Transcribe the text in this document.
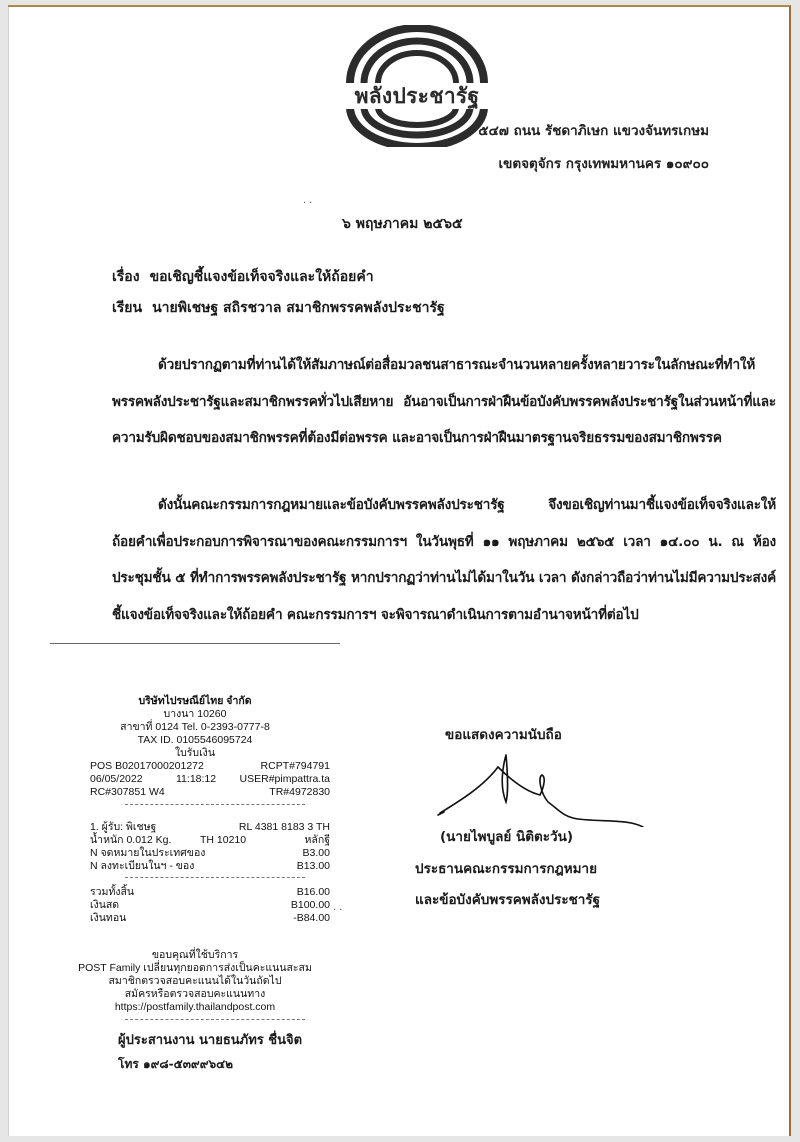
พลังประชารัฐ
๕๔๗ ถนน รัชดาภิเษก แขวงจันทรเกษม
เขตจตุจักร กรุงเทพมหานคร ๑๐๙๐๐
..
๖ พฤษภาคม ๒๕๖๕
เรื่อง ขอเชิญชี้แจงข้อเท็จจริงและให้ถ้อยคำ
เรียน นายพิเชษฐ สถิรชวาล สมาชิกพรรคพลังประชารัฐ
ด้วยปรากฏตามที่ท่านได้ให้สัมภาษณ์ต่อสื่อมวลชนสาธารณะจำนวนหลายครั้งหลายวาระในลักษณะที่ทำให้พรรคพลังประชารัฐและสมาชิกพรรคทั่วไปเสียหาย อันอาจเป็นการฝ่าฝืนข้อบังคับพรรคพลังประชารัฐในส่วนหน้าที่และความรับผิดชอบของสมาชิกพรรคที่ต้องมีต่อพรรค และอาจเป็นการฝ่าฝืนมาตรฐานจริยธรรมของสมาชิกพรรค
ดังนั้นคณะกรรมการกฎหมายและข้อบังคับพรรคพลังประชารัฐ จึงขอเชิญท่านมาชี้แจงข้อเท็จจริงและให้ถ้อยคำเพื่อประกอบการพิจารณาของคณะกรรมการฯ ในวันพุธที่ ๑๑ พฤษภาคม ๒๕๖๕ เวลา ๑๔.๐๐ น. ณ ห้องประชุมชั้น ๕ ที่ทำการพรรคพลังประชารัฐ หากปรากฏว่าท่านไม่ได้มาในวัน เวลา ดังกล่าวถือว่าท่านไม่มีความประสงค์ชี้แจงข้อเท็จจริงและให้ถ้อยคำ คณะกรรมการฯ จะพิจารณาดำเนินการตามอำนาจหน้าที่ต่อไป
บริษัทไปรษณีย์ไทย จำกัด
บางนา 10260
สาขาที่ 0124 Tel. 0-2393-0777-8
TAX ID. 0105546095724
ใบรับเงิน
POS B02017000201272	RCPT#794791
06/05/2022	11:18:12 USER#pimpattra.ta
RC#307851 W4	TR#4972830
1. ผู้รับ: พิเชษฐ	RL 4381 8183 3 TH
น้ำหนัก 0.012 Kg.	TH 10210	หลักฐี
N จดหมายในประเทศของ	B3.00
N ลงทะเบียนในฯ - ของ	B13.00
รวมทั้งสิ้น	B16.00
เงินสด	B100.00
เงินทอน	-B84.00
ขอบคุณที่ใช้บริการ
POST Family เปลี่ยนทุกยอดการส่งเป็นคะแนนสะสม
สมาชิกตรวจสอบคะแนนได้ในวันถัดไป
สมัครหรือตรวจสอบคะแนนทาง
https://postfamily.thailandpost.com
ผู้ประสานงาน นายธนภัทร ชื่นจิต
โทร ๑๙๘-๕๓๙๙๖๔๒
ขอแสดงความนับถือ
(นายไพบูลย์ นิติตะวัน)
ประธานคณะกรรมการกฎหมาย
และข้อบังคับพรรคพลังประชารัฐ
..
